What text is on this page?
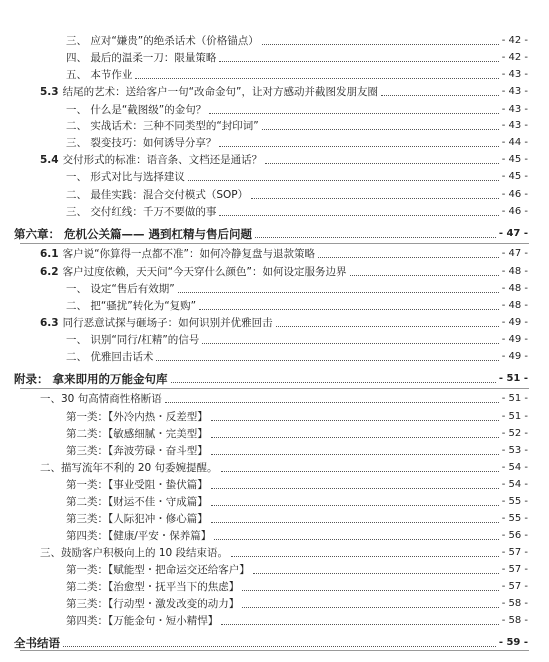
三、 应对“嫌贵”的绝杀话术（价格锚点）	- 42 -
四、 最后的温柔一刀：限量策略	- 42 -
五、 本节作业	- 43 -
5.3 结尾的艺术：送给客户一句“改命金句”，让对方感动并截图发朋友圈	- 43 -
一、 什么是“截图级”的金句？	- 43 -
二、 实战话术：三种不同类型的“封印词”	- 43 -
三、 裂变技巧：如何诱导分享？	- 44 -
5.4 交付形式的标准：语音条、文档还是通话？	- 45 -
一、 形式对比与选择建议	- 45 -
二、 最佳实践：混合交付模式（SOP）	- 46 -
三、 交付红线：千万不要做的事	- 46 -
第六章： 危机公关篇—— 遇到杠精与售后问题	- 47 -
6.1 客户说“你算得一点都不准”：如何冷静复盘与退款策略	- 47 -
6.2 客户过度依赖，天天问“今天穿什么颜色”：如何设定服务边界	- 48 -
一、 设定“售后有效期”	- 48 -
二、 把“骚扰”转化为“复购”	- 48 -
6.3 同行恶意试探与砸场子：如何识别并优雅回击	- 49 -
一、 识别“同行/杠精”的信号	- 49 -
二、 优雅回击话术	- 49 -
附录： 拿来即用的万能金句库	- 51 -
一、30 句高情商性格断语	- 51 -
第一类：【外冷内热・反差型】	- 51 -
第二类：【敏感细腻・完美型】	- 52 -
第三类：【奔波劳碌・奋斗型】	- 53 -
二、描写流年不利的 20 句委婉提醒。	- 54 -
第一类：【事业受阻・蛰伏篇】	- 54 -
第二类：【财运不佳・守成篇】	- 55 -
第三类：【人际犯冲・修心篇】	- 55 -
第四类：【健康/平安・保养篇】	- 56 -
三、鼓励客户积极向上的 10 段结束语。	- 57 -
第一类：【赋能型・把命运交还给客户】	- 57 -
第二类：【治愈型・抚平当下的焦虑】	- 57 -
第三类：【行动型・激发改变的动力】	- 58 -
第四类：【万能金句・短小精悍】	- 58 -
全书结语	- 59 -
